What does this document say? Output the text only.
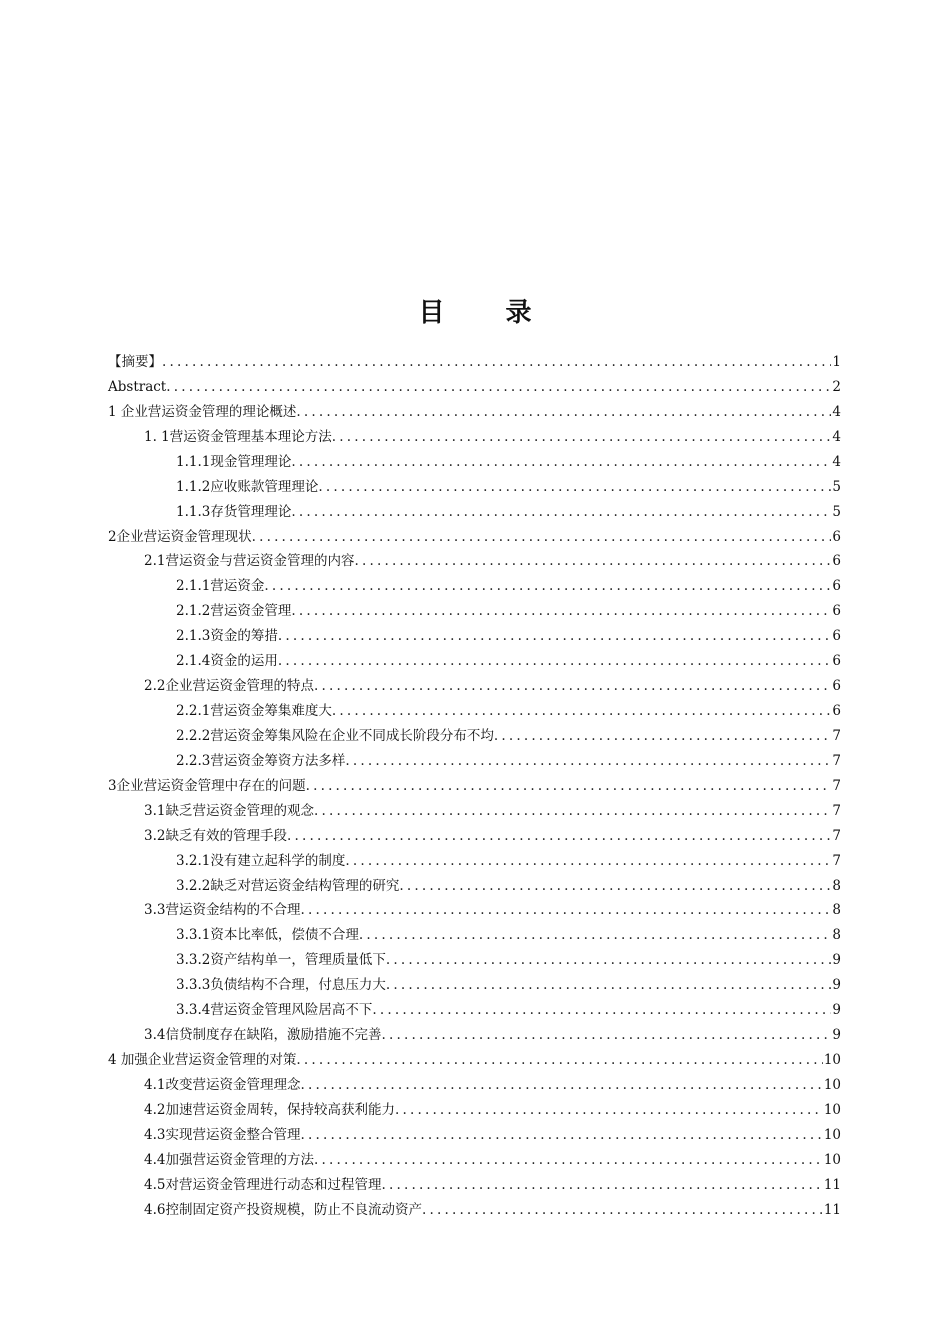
目 录
【摘要】 .....	1
Abstract .....	2
1 企业营运资金管理的理论概述 .....	4
1. 1营运资金管理基本理论方法 .....	4
1.1.1现金管理理论 .....	4
1.1.2应收账款管理理论 .....	5
1.1.3存货管理理论 .....	5
2企业营运资金管理现状 .....	6
2.1营运资金与营运资金管理的内容 .....	6
2.1.1营运资金 .....	6
2.1.2营运资金管理 .....	6
2.1.3资金的筹措 .....	6
2.1.4资金的运用 .....	6
2.2企业营运资金管理的特点 .....	6
2.2.1营运资金筹集难度大 .....	6
2.2.2营运资金筹集风险在企业不同成长阶段分布不均 .....	7
2.2.3营运资金筹资方法多样 .....	7
3企业营运资金管理中存在的问题 .....	7
3.1缺乏营运资金管理的观念 .....	7
3.2缺乏有效的管理手段 .....	7
3.2.1没有建立起科学的制度 .....	7
3.2.2缺乏对营运资金结构管理的研究 .....	8
3.3营运资金结构的不合理 .....	8
3.3.1资本比率低，偿债不合理 .....	8
3.3.2资产结构单一，管理质量低下 .....	9
3.3.3负债结构不合理，付息压力大 .....	9
3.3.4营运资金管理风险居高不下 .....	9
3.4信贷制度存在缺陷，激励措施不完善 .....	9
4 加强企业营运资金管理的对策 .....	10
4.1改变营运资金管理理念 .....	10
4.2加速营运资金周转，保持较高获利能力 .....	10
4.3实现营运资金整合管理 .....	10
4.4加强营运资金管理的方法 .....	10
4.5对营运资金管理进行动态和过程管理 .....	11
4.6控制固定资产投资规模，防止不良流动资产 .....	11
